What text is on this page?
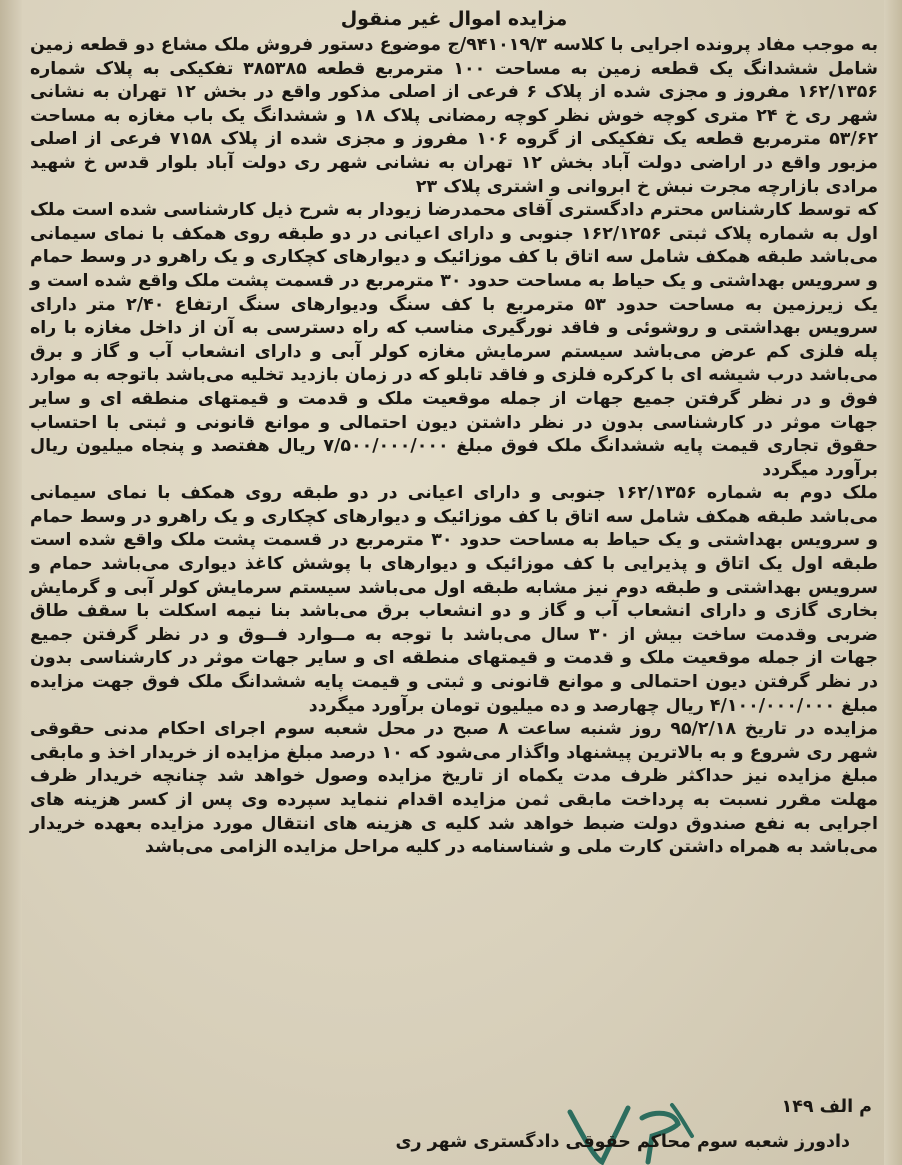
مزایده اموال غیر منقول

به موجب مفاد پرونده اجرایی با کلاسه ۹۴۱۰۱۹/۳/ج موضوع دستور فروش ملک مشاع دو قطعه زمین شامل ششدانگ یک قطعه زمین به مساحت ۱۰۰ مترمربع قطعه ۳۸۵۳۸۵ تفکیکی به پلاک شماره ۱۶۲/۱۳۵۶ مفروز و مجزی شده از پلاک ۶ فرعی از اصلی مذکور واقع در بخش ۱۲ تهران به نشانی شهر ری خ ۲۴ متری کوچه خوش نظر کوچه رمضانی پلاک ۱۸ و ششدانگ یک باب مغازه به مساحت ۵۳/۶۲ مترمربع قطعه یک تفکیکی از گروه ۱۰۶ مفروز و مجزی شده از پلاک ۷۱۵۸ فرعی از اصلی مزبور واقع در اراضی دولت آباد بخش ۱۲ تهران به نشانی شهر ری دولت آباد بلوار قدس خ شهید مرادی بازارچه مجرت نبش خ ابروانی و اشتری پلاک ۲۳

که توسط کارشناس محترم دادگستری آقای محمدرضا زیودار به شرح ذیل کارشناسی شده است ملک اول به شماره پلاک ثبتی ۱۶۲/۱۲۵۶ جنوبی و دارای اعیانی در دو طبقه روی همکف با نمای سیمانی می‌باشد طبقه همکف شامل سه اتاق با کف موزائیک و دیوارهای کچکاری و یک راهرو در وسط حمام و سرویس بهداشتی و یک حیاط به مساحت حدود ۳۰ مترمربع در قسمت پشت ملک واقع شده است و یک زیرزمین به مساحت حدود ۵۳ مترمربع با کف سنگ ودیوارهای سنگ ارتفاع ۲/۴۰ متر دارای سرویس بهداشتی و روشوئی و فاقد نورگیری مناسب که راه دسترسی به آن از داخل مغازه با راه پله فلزی کم عرض می‌باشد سیستم سرمایش مغازه کولر آبی و دارای انشعاب آب و گاز و برق می‌باشد درب شیشه ای با کرکره فلزی و فاقد تابلو که در زمان بازدید تخلیه می‌باشد باتوجه به موارد فوق و در نظر گرفتن جمیع جهات از جمله موقعیت ملک و قدمت و قیمتهای منطقه ای و سایر جهات موثر در کارشناسی بدون در نظر داشتن دیون احتمالی و موانع قانونی و ثبتی با احتساب حقوق تجاری قیمت پایه ششدانگ ملک فوق مبلغ ۷/۵۰۰/۰۰۰/۰۰۰ ریال هفتصد و پنجاه میلیون ریال برآورد میگردد

ملک دوم به شماره ۱۶۲/۱۳۵۶ جنوبی و دارای اعیانی در دو طبقه روی همکف با نمای سیمانی می‌باشد طبقه همکف شامل سه اتاق با کف موزائیک و دیوارهای کچکاری و یک راهرو در وسط حمام و سرویس بهداشتی و یک حیاط به مساحت حدود ۳۰ مترمربع در قسمت پشت ملک واقع شده است طبقه اول یک اتاق و پذیرایی با کف موزائیک و دیوارهای با پوشش کاغذ دیواری می‌باشد حمام و سرویس بهداشتی و طبقه دوم نیز مشابه طبقه اول می‌باشد سیستم سرمایش کولر آبی و گرمایش بخاری گازی و دارای انشعاب آب و گاز و دو انشعاب برق می‌باشد بنا نیمه اسکلت با سقف طاق ضربی وقدمت ساخت بیش از ۳۰ سال می‌باشد با توجه به مــوارد فــوق و در نظر گرفتن جمیع جهات از جمله موقعیت ملک و قدمت و قیمتهای منطقه ای و سایر جهات موثر در کارشناسی بدون در نظر گرفتن دیون احتمالی و موانع قانونی و ثبتی و قیمت پایه ششدانگ ملک فوق جهت مزایده مبلغ ۴/۱۰۰/۰۰۰/۰۰۰ ریال چهارصد و ده میلیون تومان برآورد میگردد

مزایده در تاریخ ۹۵/۲/۱۸ روز شنبه ساعت ۸ صبح در محل شعبه سوم اجرای احکام مدنی حقوقی شهر ری شروع و به بالاترین پیشنهاد واگذار می‌شود که ۱۰ درصد مبلغ مزایده از خریدار اخذ و مابقی مبلغ مزایده نیز حداکثر ظرف مدت یکماه از تاریخ مزایده وصول خواهد شد چنانچه خریدار ظرف مهلت مقرر نسبت به پرداخت مابقی ثمن مزایده اقدام ننماید سپرده وی پس از کسر هزینه های اجرایی به نفع صندوق دولت ضبط خواهد شد کلیه ی هزینه های انتقال مورد مزایده بعهده خریدار می‌باشد به همراه داشتن کارت ملی و شناسنامه در کلیه مراحل مزایده الزامی می‌باشد

م الف ۱۴۹
دادورز شعبه سوم محاکم حقوقی دادگستری شهر ری
